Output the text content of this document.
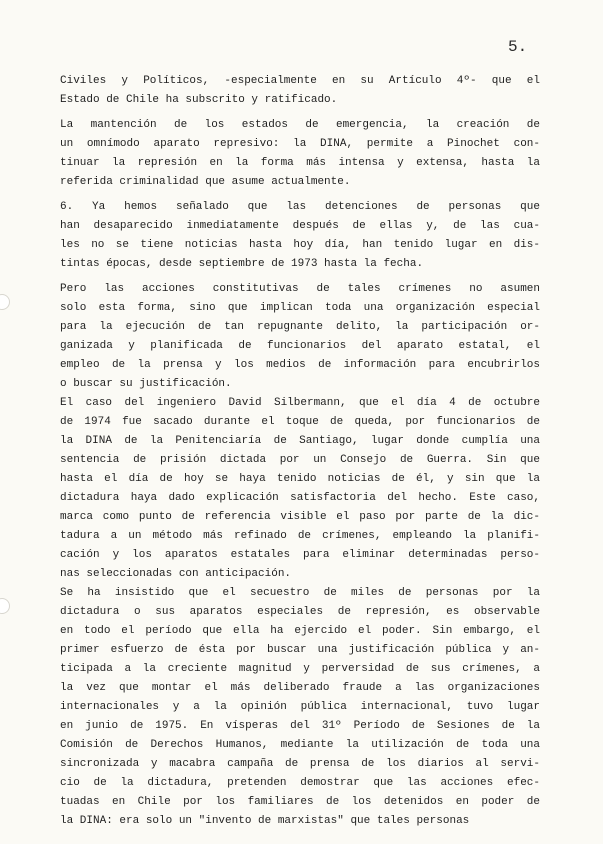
5.
Civiles y Políticos, -especialmente en su Artículo 4º- que el
Estado de Chile ha subscrito y ratificado.
La mantención de los estados de emergencia, la creación de
un omnímodo aparato represivo: la DINA, permite a Pinochet con-
tinuar la represión en la forma más intensa y extensa, hasta la
referida criminalidad que asume actualmente.
6. Ya hemos señalado que las detenciones de personas que
han desaparecido inmediatamente después de ellas y, de las cua-
les no se tiene noticias hasta hoy día, han tenido lugar en dis-
tintas épocas, desde septiembre de 1973 hasta la fecha.
Pero las acciones constitutivas de tales crímenes no asumen
solo esta forma, sino que implican toda una organización especial
para la ejecución de tan repugnante delito, la participación or-
ganizada y planificada de funcionarios del aparato estatal, el
empleo de la prensa y los medios de información para encubrirlos
o buscar su justificación.
El caso del ingeniero David Silbermann, que el día 4 de octubre
de 1974 fue sacado durante el toque de queda, por funcionarios de
la DINA de la Penitenciaría de Santiago, lugar donde cumplía una
sentencia de prisión dictada por un Consejo de Guerra. Sin que
hasta el día de hoy se haya tenido noticias de él, y sin que la
dictadura haya dado explicación satisfactoria del hecho. Este caso,
marca como punto de referencia visible el paso por parte de la dic-
tadura a un método más refinado de crímenes, empleando la planifi-
cación y los aparatos estatales para eliminar determinadas perso-
nas seleccionadas con anticipación.
Se ha insistido que el secuestro de miles de personas por la
dictadura o sus aparatos especiales de represión, es observable
en todo el período que ella ha ejercido el poder. Sin embargo, el
primer esfuerzo de ésta por buscar una justificación pública y an-
ticipada a la creciente magnitud y perversidad de sus crímenes, a
la vez que montar el más deliberado fraude a las organizaciones
internacionales y a la opinión pública internacional, tuvo lugar
en junio de 1975. En vísperas del 31º Período de Sesiones de la
Comisión de Derechos Humanos, mediante la utilización de toda una
sincronizada y macabra campaña de prensa de los diarios al servi-
cio de la dictadura, pretenden demostrar que las acciones efec-
tuadas en Chile por los familiares de los detenidos en poder de
la DINA: era solo un "invento de marxistas" que tales personas
